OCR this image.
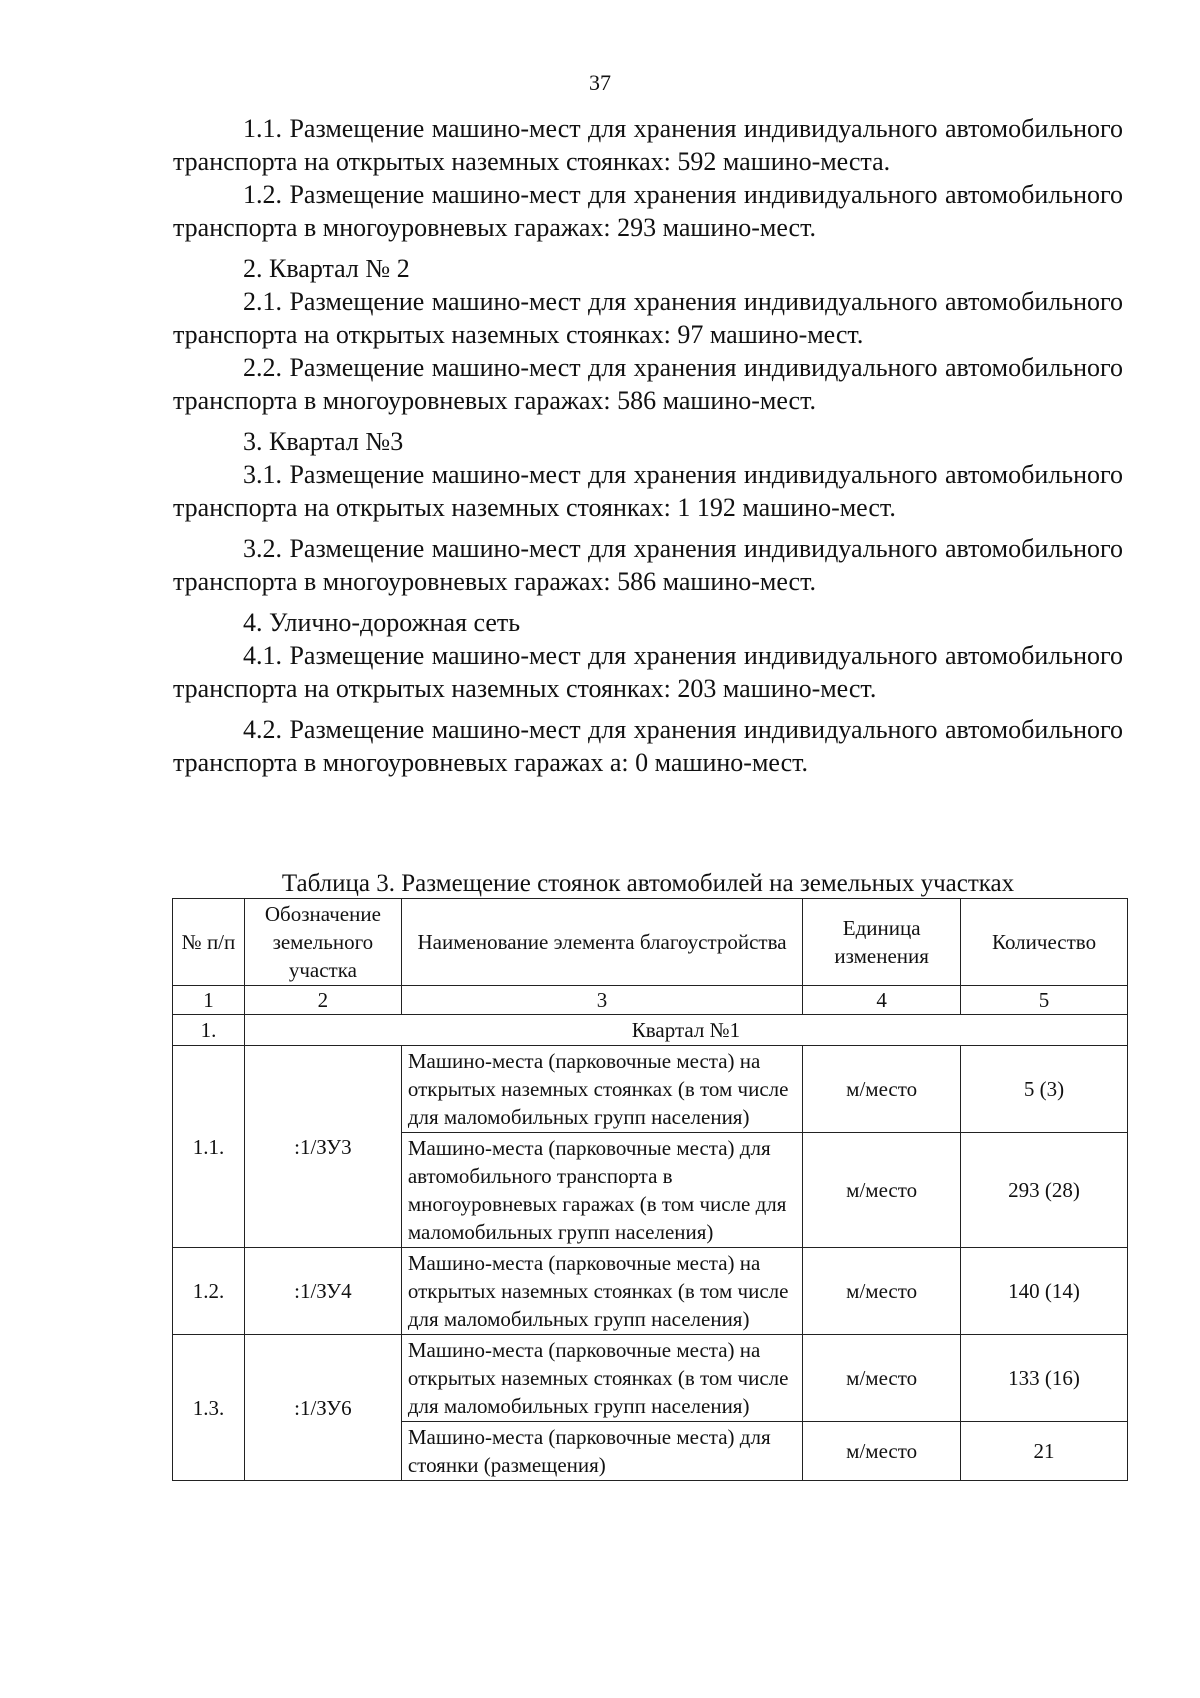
37

1.1. Размещение машино-мест для хранения индивидуального автомобильного транспорта на открытых наземных стоянках: 592 машино-места.

1.2. Размещение машино-мест для хранения индивидуального автомобильного транспорта в многоуровневых гаражах: 293 машино-мест.

2. Квартал № 2

2.1. Размещение машино-мест для хранения индивидуального автомобильного транспорта на открытых наземных стоянках: 97 машино-мест.

2.2. Размещение машино-мест для хранения индивидуального автомобильного транспорта в многоуровневых гаражах: 586 машино-мест.

3. Квартал №3

3.1. Размещение машино-мест для хранения индивидуального автомобильного транспорта на открытых наземных стоянках: 1 192 машино-мест.

3.2. Размещение машино-мест для хранения индивидуального автомобильного транспорта в многоуровневых гаражах: 586 машино-мест.

4. Улично-дорожная сеть

4.1. Размещение машино-мест для хранения индивидуального автомобильного транспорта на открытых наземных стоянках: 203 машино-мест.

4.2. Размещение машино-мест для хранения индивидуального автомобильного транспорта в многоуровневых гаражах а: 0 машино-мест.

Таблица 3. Размещение стоянок автомобилей на земельных участках
№ п/п	Обозначение земельного участка	Наименование элемента благоустройства	Единица изменения	Количество
1	2	3	4	5
1.	Квартал №1			
1.1.	:1/ЗУ3	Машино-места (парковочные места) на открытых наземных стоянках (в том числе для маломобильных групп населения)	м/место	5 (3)
		Машино-места (парковочные места) для автомобильного транспорта в многоуровневых гаражах (в том числе для маломобильных групп населения)	м/место	293 (28)
1.2.	:1/ЗУ4	Машино-места (парковочные места) на открытых наземных стоянках (в том числе для маломобильных групп населения)	м/место	140 (14)
1.3.	:1/ЗУ6	Машино-места (парковочные места) на открытых наземных стоянках (в том числе для маломобильных групп населения)	м/место	133 (16)
		Машино-места (парковочные места) для стоянки (размещения)	м/место	21
